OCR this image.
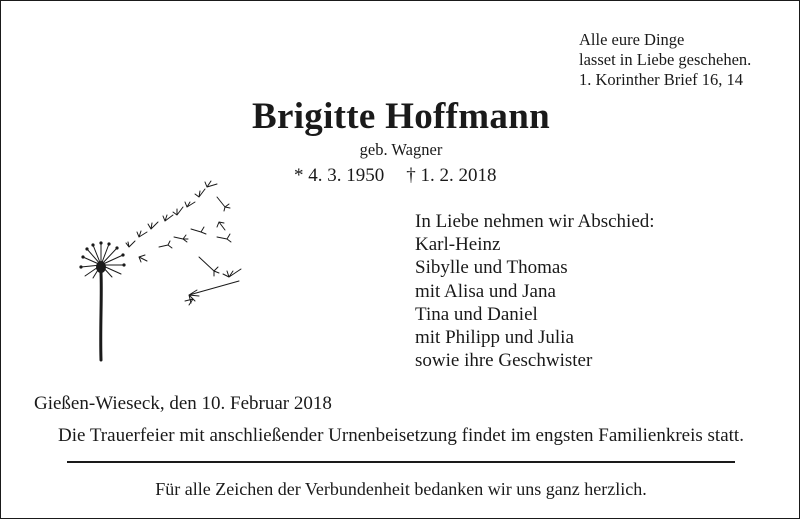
Alle eure Dinge
lasset in Liebe geschehen.
1. Korinther Brief 16, 14
Brigitte Hoffmann
geb. Wagner
* 4. 3. 1950 † 1. 2. 2018
In Liebe nehmen wir Abschied:
Karl-Heinz
Sibylle und Thomas
mit Alisa und Jana
Tina und Daniel
mit Philipp und Julia
sowie ihre Geschwister
Gießen-Wieseck, den 10. Februar 2018
Die Trauerfeier mit anschließender Urnenbeisetzung findet im engsten Familienkreis statt.
Für alle Zeichen der Verbundenheit bedanken wir uns ganz herzlich.
